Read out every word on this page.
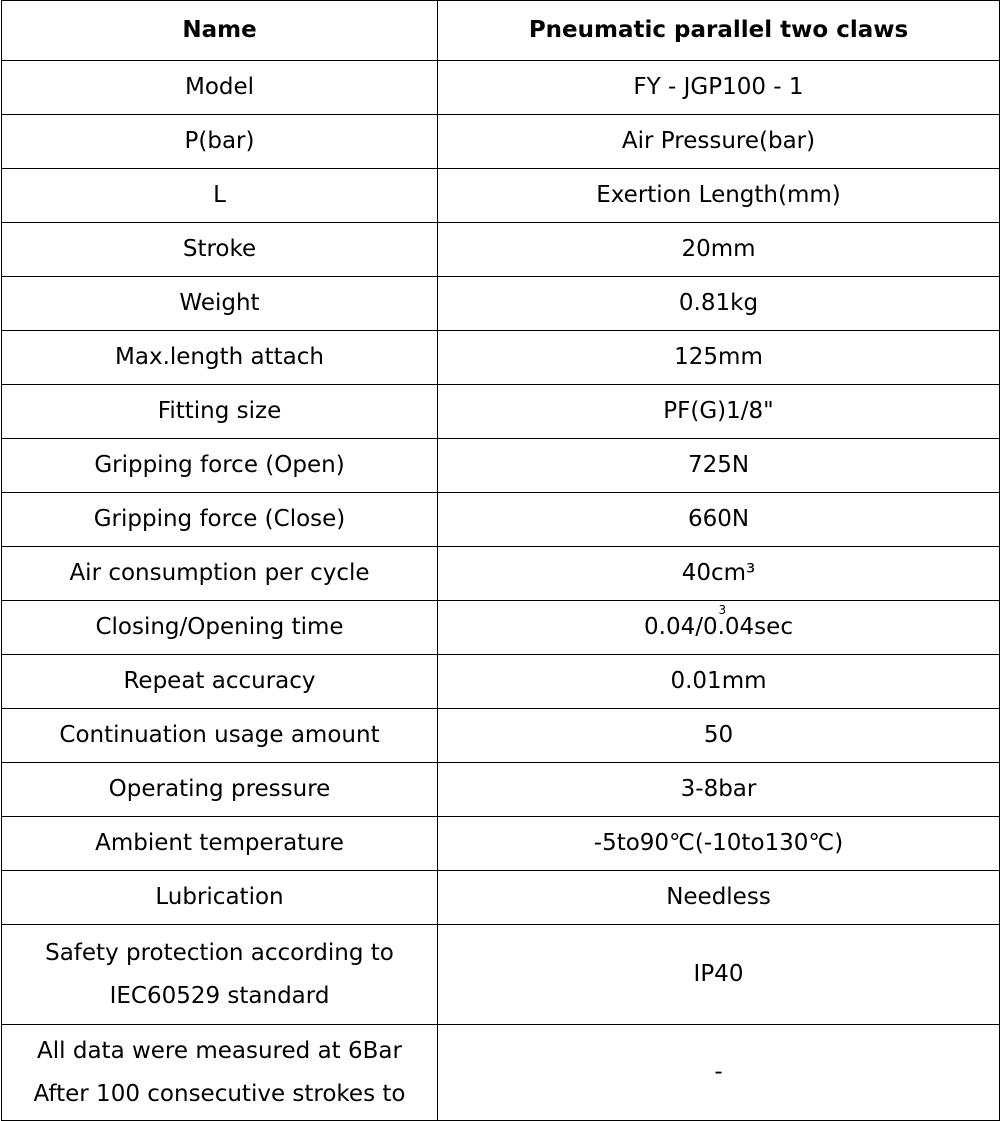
Name	Pneumatic parallel two claws
Model	FY - JGP100 - 1
P(bar)	Air Pressure(bar)
L	Exertion Length(mm)
Stroke	20mm
Weight	0.81kg
Max.length attach	125mm
Fitting size	PF(G)1/8"
Gripping force (Open)	725N
Gripping force (Close)	660N
Air consumption per cycle	40cm³
Closing/Opening time	0.04/0.04sec
3

Repeat accuracy	0.01mm
Continuation usage amount	50
Operating pressure	3-8bar
Ambient temperature	-5to90℃(-10to130℃)
Lubrication	Needless

Safety protection according to
IEC60529 standard	IP40

All data were measured at 6Bar
After 100 consecutive strokes to	-
